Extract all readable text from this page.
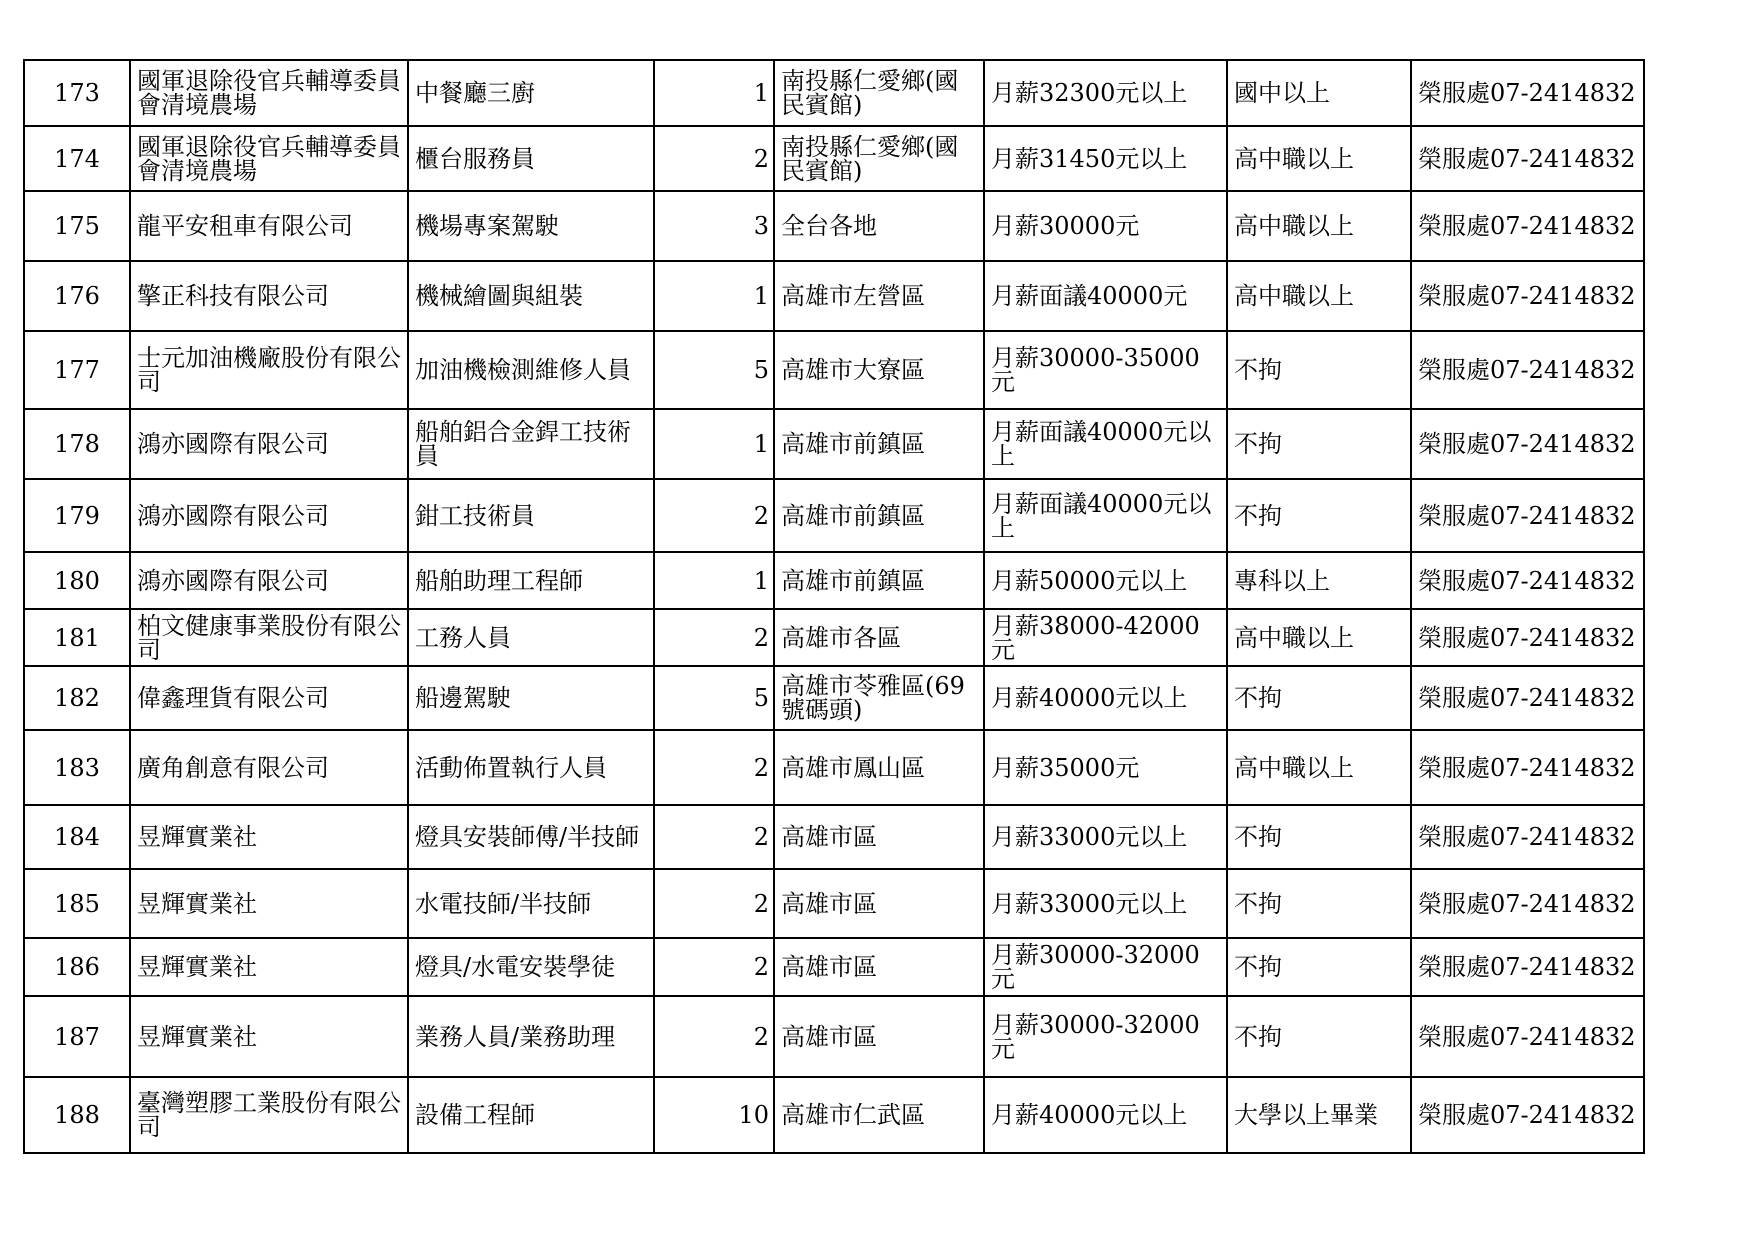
173	國軍退除役官兵輔導委員會清境農場	中餐廳三廚	1	南投縣仁愛鄉(國民賓館)	月薪32300元以上	國中以上	榮服處07-2414832
174	國軍退除役官兵輔導委員會清境農場	櫃台服務員	2	南投縣仁愛鄉(國民賓館)	月薪31450元以上	高中職以上	榮服處07-2414832
175	龍平安租車有限公司	機場專案駕駛	3	全台各地	月薪30000元	高中職以上	榮服處07-2414832
176	擎正科技有限公司	機械繪圖與組裝	1	高雄市左營區	月薪面議40000元	高中職以上	榮服處07-2414832
177	士元加油機廠股份有限公司	加油機檢測維修人員	5	高雄市大寮區	月薪30000-35000元	不拘	榮服處07-2414832
178	鴻亦國際有限公司	船舶鋁合金銲工技術員	1	高雄市前鎮區	月薪面議40000元以上	不拘	榮服處07-2414832
179	鴻亦國際有限公司	鉗工技術員	2	高雄市前鎮區	月薪面議40000元以上	不拘	榮服處07-2414832
180	鴻亦國際有限公司	船舶助理工程師	1	高雄市前鎮區	月薪50000元以上	專科以上	榮服處07-2414832
181	柏文健康事業股份有限公司	工務人員	2	高雄市各區	月薪38000-42000元	高中職以上	榮服處07-2414832
182	偉鑫理貨有限公司	船邊駕駛	5	高雄市苓雅區(69號碼頭)	月薪40000元以上	不拘	榮服處07-2414832
183	廣角創意有限公司	活動佈置執行人員	2	高雄市鳳山區	月薪35000元	高中職以上	榮服處07-2414832
184	昱輝實業社	燈具安裝師傅/半技師	2	高雄市區	月薪33000元以上	不拘	榮服處07-2414832
185	昱輝實業社	水電技師/半技師	2	高雄市區	月薪33000元以上	不拘	榮服處07-2414832
186	昱輝實業社	燈具/水電安裝學徒	2	高雄市區	月薪30000-32000元	不拘	榮服處07-2414832
187	昱輝實業社	業務人員/業務助理	2	高雄市區	月薪30000-32000元	不拘	榮服處07-2414832
188	臺灣塑膠工業股份有限公司	設備工程師	10	高雄市仁武區	月薪40000元以上	大學以上畢業	榮服處07-2414832
